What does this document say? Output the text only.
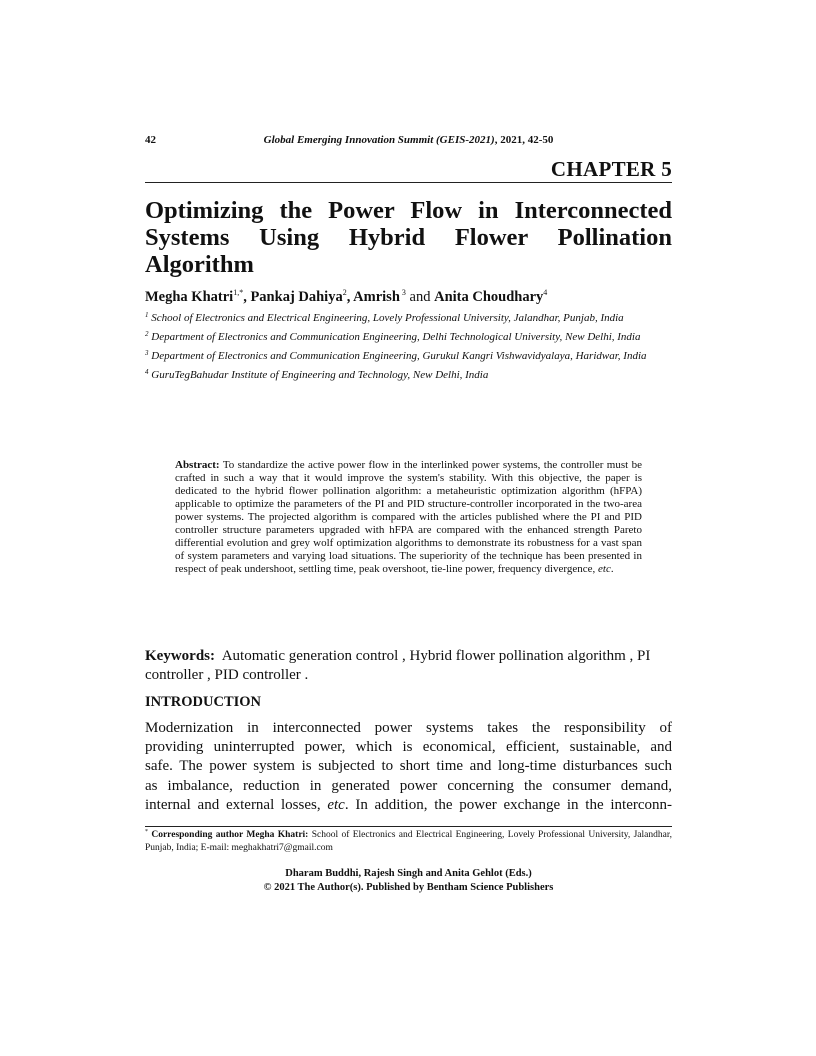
42	Global Emerging Innovation Summit (GEIS-2021), 2021, 42-50
CHAPTER 5
Optimizing the Power Flow in Interconnected
Systems Using Hybrid Flower Pollination
Algorithm

Megha Khatri$^{1,*}$, Pankaj Dahiya$^2$, Amrish $^3$ and Anita Choudhary$^4$

$^1$ School of Electronics and Electrical Engineering, Lovely Professional University, Jalandhar, Punjab, India

$^2$ Department of Electronics and Communication Engineering, Delhi Technological University, New Delhi, India

$^3$ Department of Electronics and Communication Engineering, Gurukul Kangri Vishwavidyalaya, Haridwar, India

$^4$ GuruTegBahudar Institute of Engineering and Technology, New Delhi, India

Abstract: To standardize the active power flow in the interlinked power systems, the controller must be crafted in such a way that it would improve the system's stability. With this objective, the paper is dedicated to the hybrid flower pollination algorithm: a metaheuristic optimization algorithm (hFPA) applicable to optimize the parameters of the PI and PID structure-controller incorporated in the two-area power systems. The projected algorithm is compared with the articles published where the PI and PID controller structure parameters upgraded with hFPA are compared with the enhanced strength Pareto differential evolution and grey wolf optimization algorithms to demonstrate its robustness for a vast span of system parameters and varying load situations. The superiority of the technique has been presented in respect of peak undershoot, settling time, peak overshoot, tie-line power, frequency divergence, etc.

Keywords: Automatic generation control , Hybrid flower pollination algorithm , PI controller , PID controller .

INTRODUCTION

Modernization in interconnected power systems takes the responsibility of
providing uninterrupted power, which is economical, efficient, sustainable, and
safe. The power system is subjected to short time and long-time disturbances such
as imbalance, reduction in generated power concerning the consumer demand,
internal and external losses, etc. In addition, the power exchange in the interconn-

* Corresponding author Megha Khatri: School of Electronics and Electrical Engineering, Lovely Professional University, Jalandhar, Punjab, India; E-mail: meghakhatri7@gmail.com

Dharam Buddhi, Rajesh Singh and Anita Gehlot (Eds.)
© 2021 The Author(s). Published by Bentham Science Publishers
